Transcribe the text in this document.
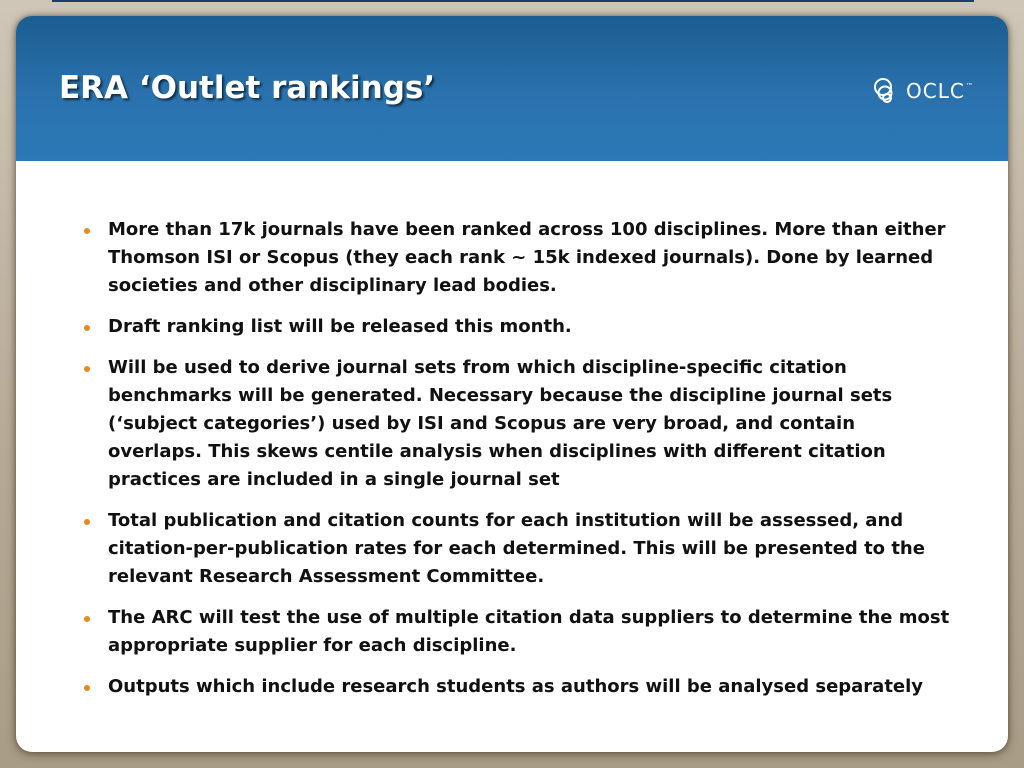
ERA ‘Outlet rankings’	OCLC ™
More than 17k journals have been ranked across 100 disciplines. More than either Thomson ISI or Scopus (they each rank ~ 15k indexed journals). Done by learned societies and other disciplinary lead bodies.
Draft ranking list will be released this month.
Will be used to derive journal sets from which discipline-specific citation benchmarks will be generated. Necessary because the discipline journal sets (‘subject categories’) used by ISI and Scopus are very broad, and contain overlaps. This skews centile analysis when disciplines with different citation practices are included in a single journal set
Total publication and citation counts for each institution will be assessed, and citation-per-publication rates for each determined. This will be presented to the relevant Research Assessment Committee.
The ARC will test the use of multiple citation data suppliers to determine the most appropriate supplier for each discipline.
Outputs which include research students as authors will be analysed separately
